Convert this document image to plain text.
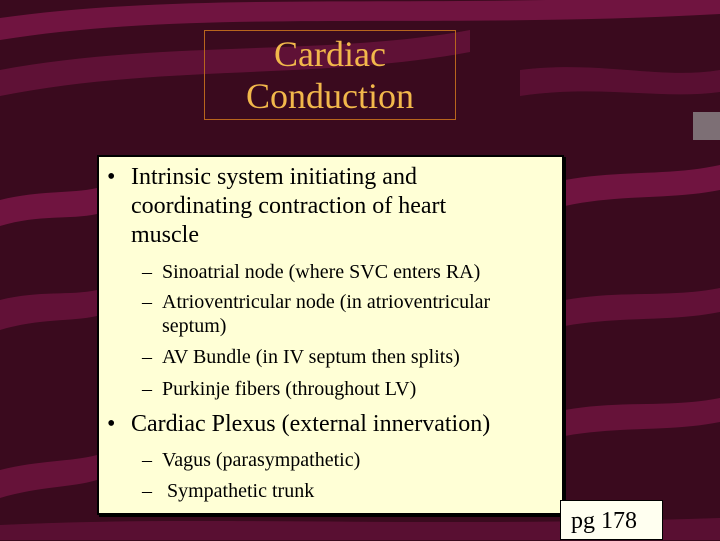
Cardiac
Conduction
• Intrinsic system initiating and
coordinating contraction of heart
muscle
– Sinoatrial node (where SVC enters RA)
– Atrioventricular node (in atrioventricular
septum)
– AV Bundle (in IV septum then splits)
– Purkinje fibers (throughout LV)
• Cardiac Plexus (external innervation)
– Vagus (parasympathetic)
– Sympathetic trunk
pg 178
